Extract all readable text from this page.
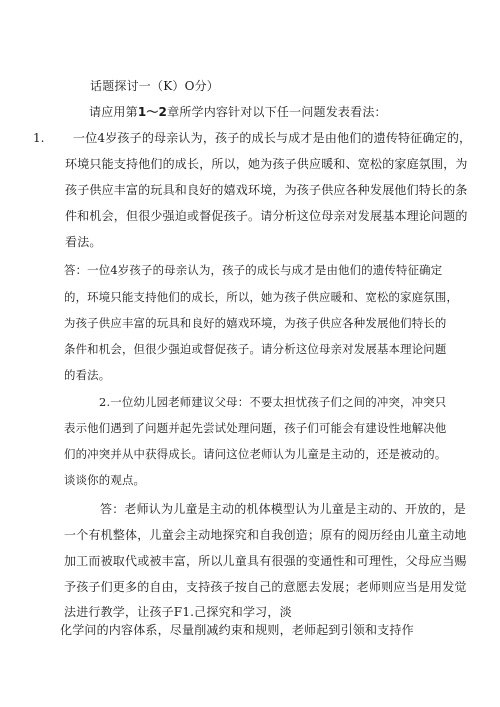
话题探讨一（K）O分）
请应用第1～2章所学内容针对以下任一问题发表看法：
1. 一位4岁孩子的母亲认为，孩子的成长与成才是由他们的遗传特征确定的，
环境只能支持他们的成长，所以，她为孩子供应暖和、宽松的家庭氛围，为
孩子供应丰富的玩具和良好的嬉戏环境，为孩子供应各种发展他们特长的条
件和机会，但很少强迫或督促孩子。请分析这位母亲对发展基本理论问题的
看法。
答：一位4岁孩子的母亲认为，孩子的成长与成才是由他们的遗传特征确定
的，环境只能支持他们的成长，所以，她为孩子供应暖和、宽松的家庭氛围，
为孩子供应丰富的玩具和良好的嬉戏环境，为孩子供应各种发展他们特长的
条件和机会，但很少强迫或督促孩子。请分析这位母亲对发展基本理论问题
的看法。
2.一位幼儿园老师建议父母：不要太担忧孩子们之间的冲突，冲突只
表示他们遇到了问题并起先尝试处理问题，孩子们可能会有建设性地解决他
们的冲突并从中获得成长。请问这位老师认为儿童是主动的，还是被动的。
谈谈你的观点。
答：老师认为儿童是主动的机体模型认为儿童是主动的、开放的，是
一个有机整体，儿童会主动地探究和自我创造；原有的阅历经由儿童主动地
加工而被取代或被丰富，所以儿童具有很强的变通性和可理性，父母应当赐
予孩子们更多的自由，支持孩子按自己的意愿去发展；老师则应当是用发觉
法进行教学，让孩子F1.己探究和学习，淡
化学问的内容体系，尽量削减约束和规则，老师起到引领和支持作
